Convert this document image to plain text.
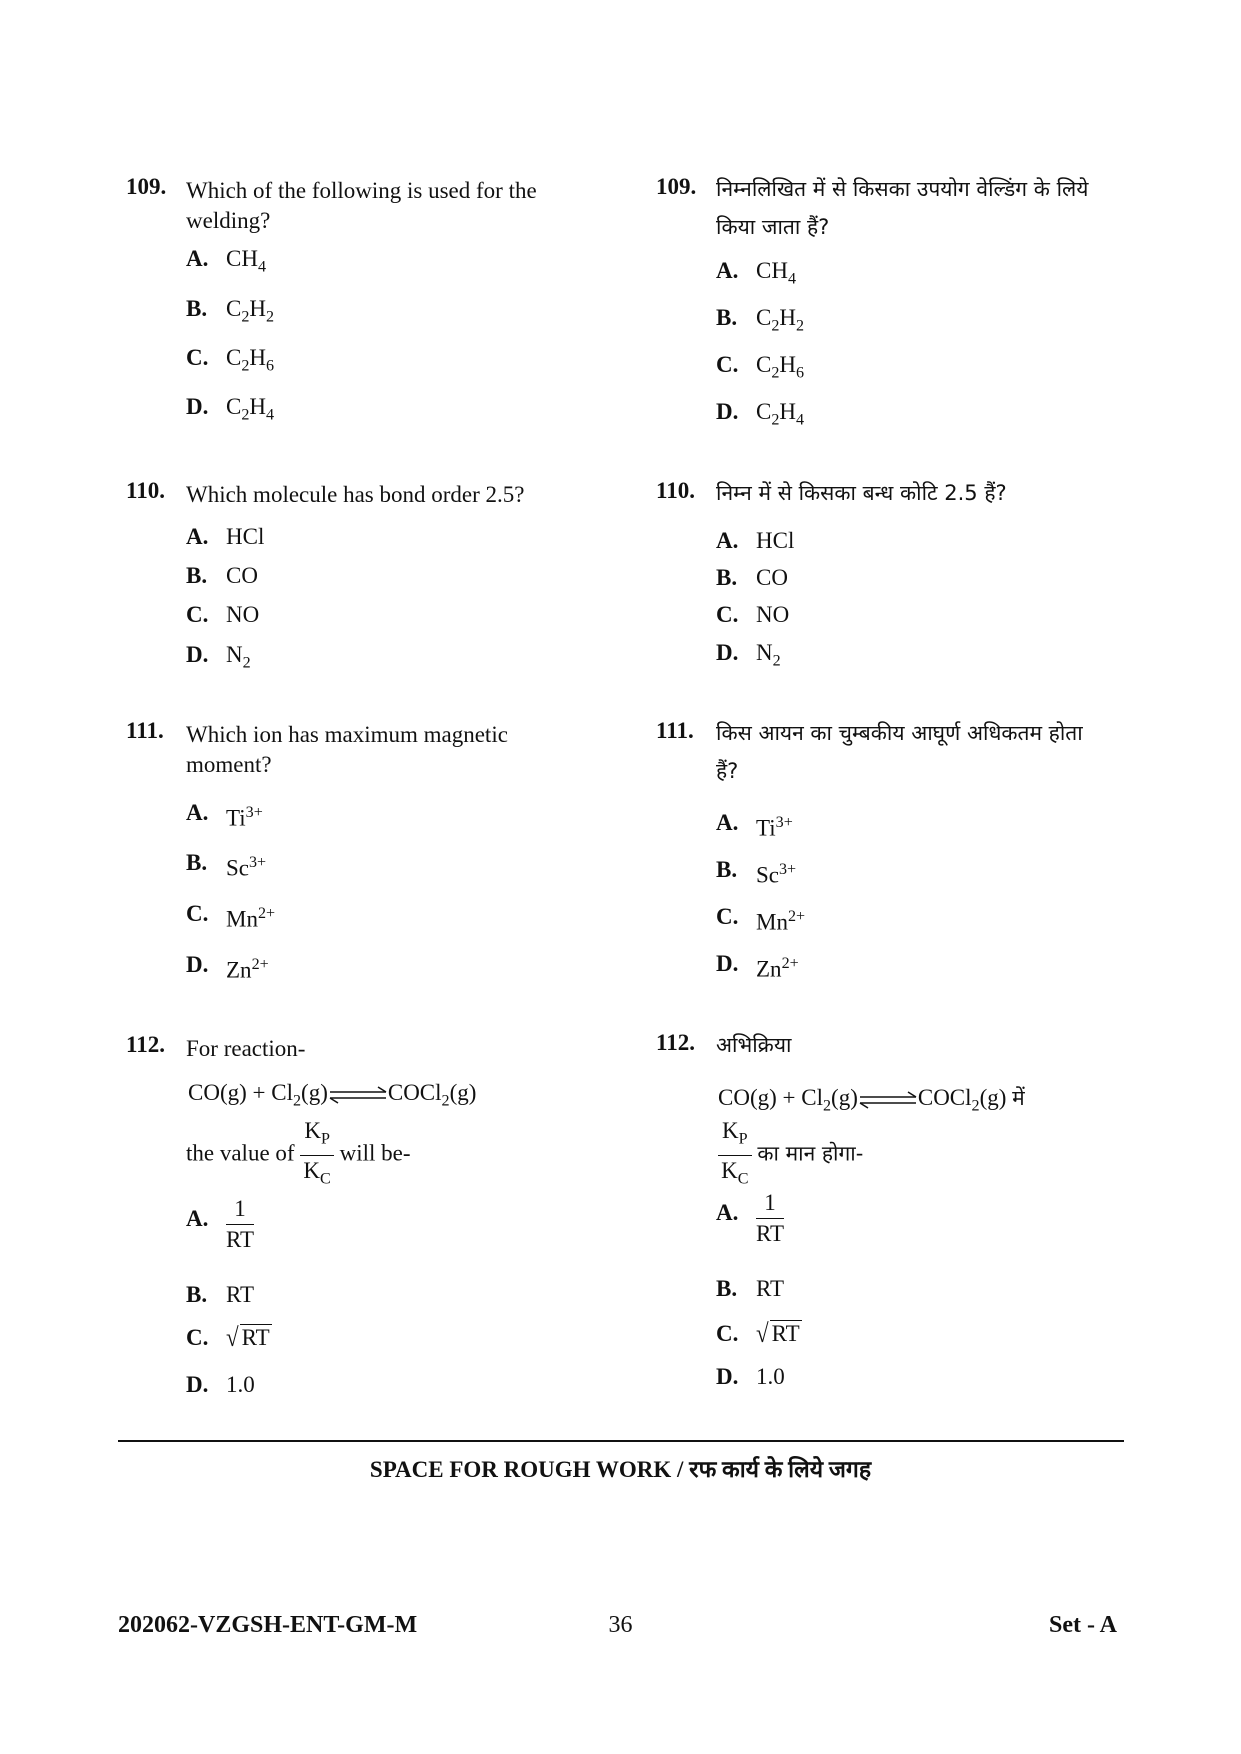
109. Which of the following is used for the welding?
A. $CH_4$
B. $C_2H_2$
C. $C_2H_6$
D. $C_2H_4$
110. Which molecule has bond order 2.5?
A. HCl
B. CO
C. NO
D. $N_2$
111. Which ion has maximum magnetic moment?
A. $Ti^{3+}$
B. $Sc^{3+}$
C. $Mn^{2+}$
D. $Zn^{2+}$
112. For reaction-
$CO(g) + Cl_2(g)\rightleftharpoons COCl_2(g)$
the value of $\frac{K_P}{K_C}$ will be-
A. $\frac{1}{RT}$
B. RT
C. √ RT
D. 1.0
109. निम्नलिखित में से किसका उपयोग वेल्डिंग के लिये
किया जाता हैं?
A. $CH_4$
B. $C_2H_2$
C. $C_2H_6$
D. $C_2H_4$
110. निम्न में से किसका बन्ध कोटि 2.5 हैं?
A. HCl
B. CO
C. NO
D. $N_2$
111. किस आयन का चुम्बकीय आघूर्ण अधिकतम होता
हैं?
A. $Ti^{3+}$
B. $Sc^{3+}$
C. $Mn^{2+}$
D. $Zn^{2+}$
112. अभिक्रिया
$CO(g) + Cl_2(g)\rightleftharpoons COCl_2(g)$ में
$\frac{K_P}{K_C}$ का मान होगा-
A. $\frac{1}{RT}$
B. RT
C. √ RT
D. 1.0
SPACE FOR ROUGH WORK / रफ कार्य के लिये जगह
202062-VZGSH-ENT-GM-M	36	Set - A
